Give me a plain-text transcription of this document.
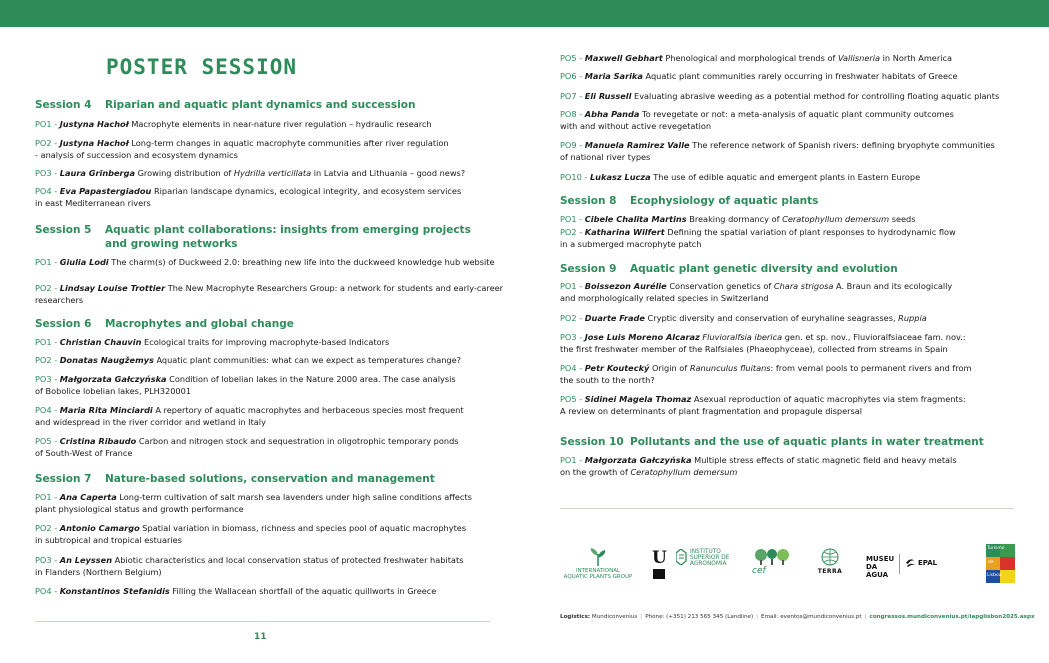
POSTER SESSION
Session 4 Riparian and aquatic plant dynamics and succession
PO1 - Justyna Hachoł Macrophyte elements in near-nature river regulation – hydraulic research
PO2 - Justyna Hachoł Long-term changes in aquatic macrophyte communities after river regulation
- analysis of succession and ecosystem dynamics
PO3 - Laura Grīnberga Growing distribution of Hydrilla verticillata in Latvia and Lithuania – good news?
PO4 - Eva Papastergiadou Riparian landscape dynamics, ecological integrity, and ecosystem services
in east Mediterranean rivers
Session 5 Aquatic plant collaborations: insights from emerging projects
and growing networks
PO1 - Giulia Lodi The charm(s) of Duckweed 2.0: breathing new life into the duckweed knowledge hub website
PO2 - Lindsay Louise Trottier The New Macrophyte Researchers Group: a network for students and early-career
researchers
Session 6 Macrophytes and global change
PO1 - Christian Chauvin Ecological traits for improving macrophyte-based Indicators
PO2 - Donatas Naugžemys Aquatic plant communities: what can we expect as temperatures change?
PO3 - Małgorzata Gałczyńska Condition of lobelian lakes in the Nature 2000 area. The case analysis
of Bobolice lobelian lakes, PLH320001
PO4 - Maria Rita Minciardi A repertory of aquatic macrophytes and herbaceous species most frequent
and widespread in the river corridor and wetland in Italy
PO5 - Cristina Ribaudo Carbon and nitrogen stock and sequestration in oligotrophic temporary ponds
of South-West of France
Session 7 Nature-based solutions, conservation and management
PO1 - Ana Caperta Long-term cultivation of salt marsh sea lavenders under high saline conditions affects
plant physiological status and growth performance
PO2 - Antonio Camargo Spatial variation in biomass, richness and species pool of aquatic macrophytes
in subtropical and tropical estuaries
PO3 - An Leyssen Abiotic characteristics and local conservation status of protected freshwater habitats
in Flanders (Northern Belgium)
PO4 - Konstantinos Stefanidis Filling the Wallacean shortfall of the aquatic quillworts in Greece
11
PO5 - Maxwell Gebhart Phenological and morphological trends of Vallisneria in North America
PO6 - Maria Sarika Aquatic plant communities rarely occurring in freshwater habitats of Greece
PO7 - Eli Russell Evaluating abrasive weeding as a potential method for controlling floating aquatic plants
PO8 - Abha Panda To revegetate or not: a meta-analysis of aquatic plant community outcomes
with and without active revegetation
PO9 - Manuela Ramirez Valle The reference network of Spanish rivers: defining bryophyte communities
of national river types
PO10 - Lukasz Lucza The use of edible aquatic and emergent plants in Eastern Europe
Session 8 Ecophysiology of aquatic plants
PO1 - Cibele Chalita Martins Breaking dormancy of Ceratophyllum demersum seeds
PO2 - Katharina Wilfert Defining the spatial variation of plant responses to hydrodynamic flow
in a submerged macrophyte patch
Session 9 Aquatic plant genetic diversity and evolution
PO1 - Boissezon Aurélie Conservation genetics of Chara strigosa A. Braun and its ecologically
and morphologically related species in Switzerland
PO2 - Duarte Frade Cryptic diversity and conservation of euryhaline seagrasses, Ruppia
PO3 - Jose Luis Moreno Alcaraz Fluvioralfsia iberica gen. et sp. nov., Fluvioralfsiaceae fam. nov.:
the first freshwater member of the Ralfsiales (Phaeophyceae), collected from streams in Spain
PO4 - Petr Koutecký Origin of Ranunculus fluitans: from vernal pools to permanent rivers and from
the south to the north?
PO5 - Sidinei Magela Thomaz Asexual reproduction of aquatic macrophytes via stem fragments:
A review on determinants of plant fragmentation and propagule dispersal
Session 10 Pollutants and the use of aquatic plants in water treatment
PO1 - Małgorzata Gałczyńska Multiple stress effects of static magnetic field and heavy metals
on the growth of Ceratophyllum demersum
INTERNATIONAL
AQUATIC PLANTS GROUP
U	INSTITUTO
SUPERIOR DE
AGRONOMIA
cef	TERRA
MUSEU
DA ÁGUA
EPAL
Turismo
de
Lisboa
Logistics: Mundiconvenius | Phone: (+351) 213 565 345 (Landline) | Email: eventos@mundiconvenius.pt | congressos.mundiconvenius.pt/iapglisbon2025.aspx
